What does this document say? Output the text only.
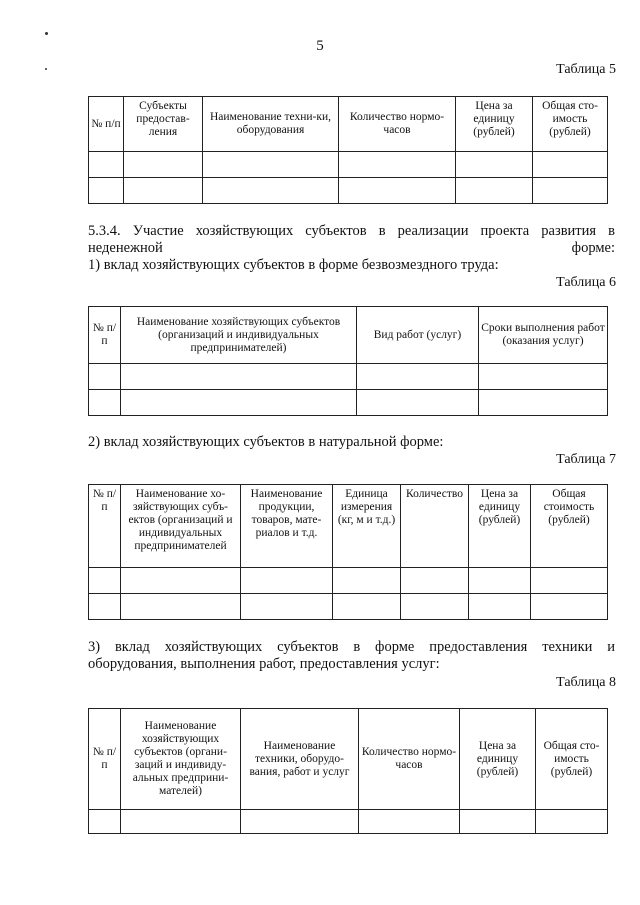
5
Таблица 5
№ п/п	Субъекты предостав-ления	Наименование техни-ки, оборудования	Количество нормо-часов	Цена за единицу (рублей)	Общая сто-имость (рублей)

5.3.4. Участие хозяйствующих субъектов в реализации проекта развития в неденежной форме:
1) вклад хозяйствующих субъектов в форме безвозмездного труда:
Таблица 6
№ п/п	Наименование хозяйствующих субъектов (организаций и индивидуальных предпринимателей)	Вид работ (услуг)	Сроки выполнения работ (оказания услуг)

2) вклад хозяйствующих субъектов в натуральной форме:
Таблица 7
№ п/п	Наименование хо-зяйствующих субъ-ектов (организаций и индивидуальных предпринимателей	Наименование продукции, товаров, мате-риалов и т.д.	Единица измерения (кг, м и т.д.)	Количество	Цена за единицу (рублей)	Общая стоимость (рублей)

3) вклад хозяйствующих субъектов в форме предоставления техники и оборудования, выполнения работ, предоставления услуг:
Таблица 8
№ п/п	Наименование хозяйствующих субъектов (органи-заций и индивиду-альных предприни-мателей)	Наименование техники, оборудо-вания, работ и услуг	Количество нормо-часов	Цена за единицу (рублей)	Общая сто-имость (рублей)
